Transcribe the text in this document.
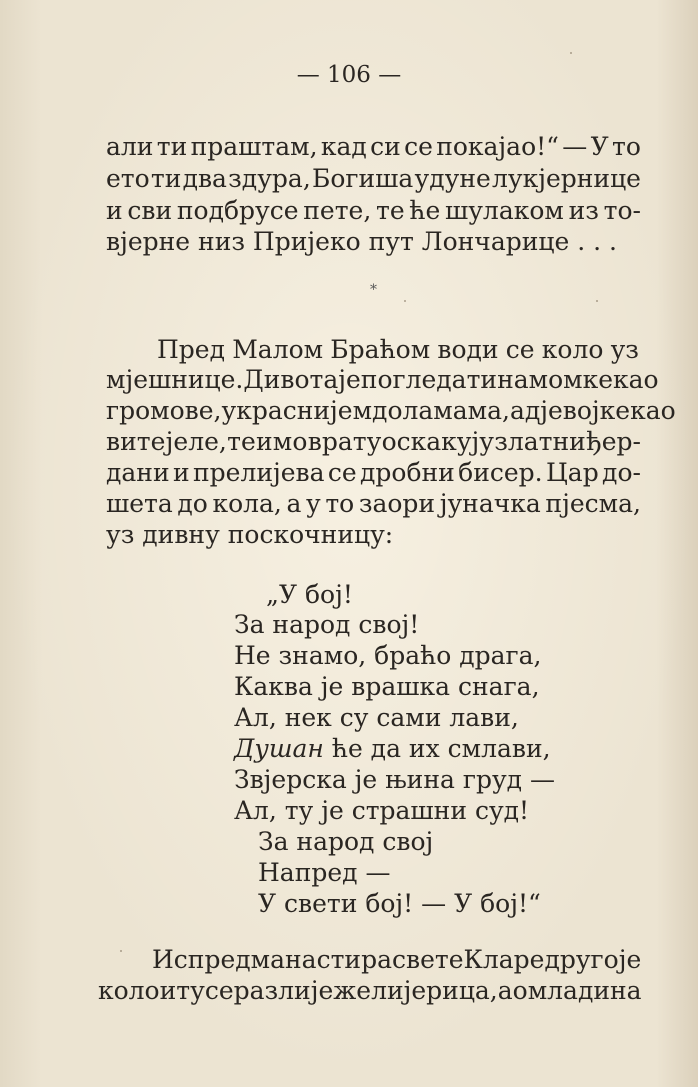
— 106 —
али ти праштам, кад си се покајао!“ — У то
ето ти два здура, Богиша удуне лукјернице
и сви подбрусе пете, те ће шулаком из то-
вјерне низ Пријеко пут Лончарице . . .
*
Пред Малом Брaћом води се коло уз
мјешнице. Дивота је погледати на момке као
громове, у краснијем доламама, а дјевојке као
вите јеле, те им о врату оскакују златни ђер-
дани и прелијева се дробни бисер. Цар до-
шета до кола, а у то заори јуначка пјесма,
уз дивну поскочницу:
„У бој!
За народ свој!
Не знамо, браћо драга,
Каква је врашка снага,
Ал, нек су сами лави,
Душан ће да их смлави,
Звјерска је њина груд —
Ал, ту је страшни суд!
За народ свој
Напред —
У свети бој! — У бој!“
Испред манастира свете Кларе друго је
коло и ту се разлијеже лијерица, а омладина
